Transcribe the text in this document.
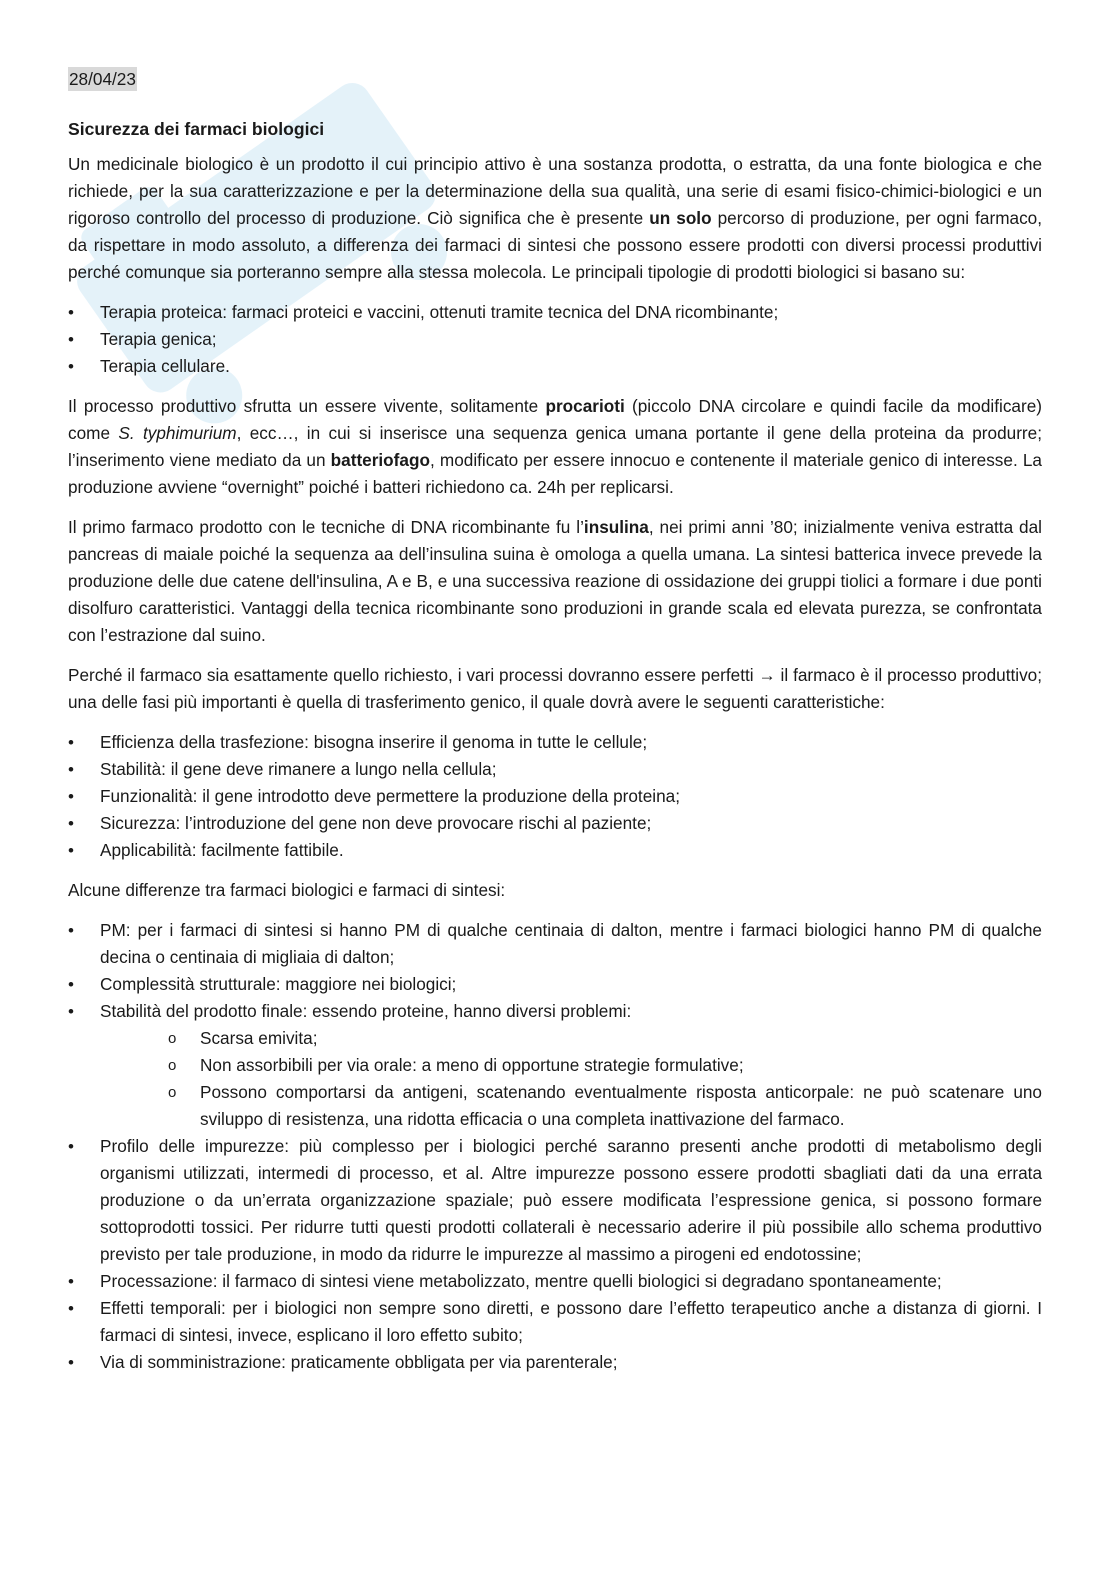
28/04/23
Sicurezza dei farmaci biologici

Un medicinale biologico è un prodotto il cui principio attivo è una sostanza prodotta, o estratta, da una fonte biologica e che richiede, per la sua caratterizzazione e per la determinazione della sua qualità, una serie di esami fisico-chimici-biologici e un rigoroso controllo del processo di produzione. Ciò significa che è presente un solo percorso di produzione, per ogni farmaco, da rispettare in modo assoluto, a differenza dei farmaci di sintesi che possono essere prodotti con diversi processi produttivi perché comunque sia porteranno sempre alla stessa molecola. Le principali tipologie di prodotti biologici si basano su:

• Terapia proteica: farmaci proteici e vaccini, ottenuti tramite tecnica del DNA ricombinante;
• Terapia genica;
• Terapia cellulare.

Il processo produttivo sfrutta un essere vivente, solitamente procarioti (piccolo DNA circolare e quindi facile da modificare) come S. typhimurium, ecc…, in cui si inserisce una sequenza genica umana portante il gene della proteina da produrre; l’inserimento viene mediato da un batteriofago, modificato per essere innocuo e contenente il materiale genico di interesse. La produzione avviene “overnight” poiché i batteri richiedono ca. 24h per replicarsi.

Il primo farmaco prodotto con le tecniche di DNA ricombinante fu l’insulina, nei primi anni ’80; inizialmente veniva estratta dal pancreas di maiale poiché la sequenza aa dell’insulina suina è omologa a quella umana. La sintesi batterica invece prevede la produzione delle due catene dell'insulina, A e B, e una successiva reazione di ossidazione dei gruppi tiolici a formare i due ponti disolfuro caratteristici. Vantaggi della tecnica ricombinante sono produzioni in grande scala ed elevata purezza, se confrontata con l’estrazione dal suino.

Perché il farmaco sia esattamente quello richiesto, i vari processi dovranno essere perfetti → il farmaco è il processo produttivo; una delle fasi più importanti è quella di trasferimento genico, il quale dovrà avere le seguenti caratteristiche:

• Efficienza della trasfezione: bisogna inserire il genoma in tutte le cellule;
• Stabilità: il gene deve rimanere a lungo nella cellula;
• Funzionalità: il gene introdotto deve permettere la produzione della proteina;
• Sicurezza: l’introduzione del gene non deve provocare rischi al paziente;
• Applicabilità: facilmente fattibile.

Alcune differenze tra farmaci biologici e farmaci di sintesi:

• PM: per i farmaci di sintesi si hanno PM di qualche centinaia di dalton, mentre i farmaci biologici hanno PM di qualche decina o centinaia di migliaia di dalton;
• Complessità strutturale: maggiore nei biologici;
• Stabilità del prodotto finale: essendo proteine, hanno diversi problemi:
o Scarsa emivita;
o Non assorbibili per via orale: a meno di opportune strategie formulative;
o Possono comportarsi da antigeni, scatenando eventualmente risposta anticorpale: ne può scatenare uno sviluppo di resistenza, una ridotta efficacia o una completa inattivazione del farmaco.
• Profilo delle impurezze: più complesso per i biologici perché saranno presenti anche prodotti di metabolismo degli organismi utilizzati, intermedi di processo, et al. Altre impurezze possono essere prodotti sbagliati dati da una errata produzione o da un’errata organizzazione spaziale; può essere modificata l’espressione genica, si possono formare sottoprodotti tossici. Per ridurre tutti questi prodotti collaterali è necessario aderire il più possibile allo schema produttivo previsto per tale produzione, in modo da ridurre le impurezze al massimo a pirogeni ed endotossine;
• Processazione: il farmaco di sintesi viene metabolizzato, mentre quelli biologici si degradano spontaneamente;
• Effetti temporali: per i biologici non sempre sono diretti, e possono dare l’effetto terapeutico anche a distanza di giorni. I farmaci di sintesi, invece, esplicano il loro effetto subito;
• Via di somministrazione: praticamente obbligata per via parenterale;
